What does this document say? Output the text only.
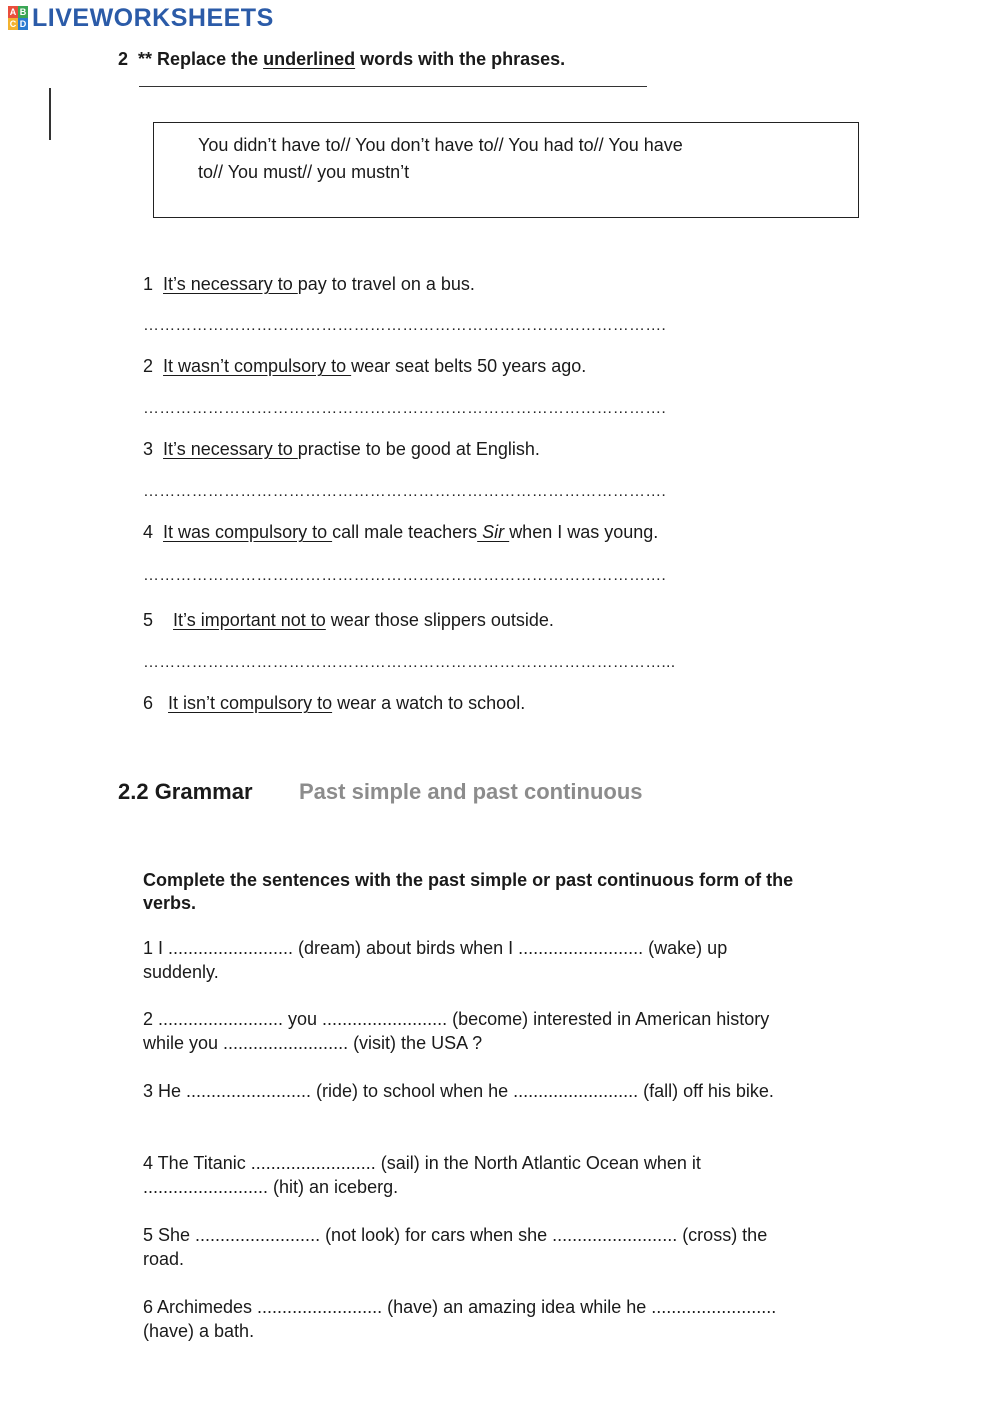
A B
C D LIVEWORKSHEETS
2 ** Replace the underlined words with the phrases.
You didn’t have to// You don’t have to// You had to// You have
to// You must// you mustn’t
1 It’s necessary to pay to travel on a bus.
…………………………………………………………………………………….
2 It wasn’t compulsory to wear seat belts 50 years ago.
…………………………………………………………………………………….
3 It’s necessary to practise to be good at English.
…………………………………………………………………………………….
4 It was compulsory to call male teachers Sir when I was young.
…………………………………………………………………………………….
5 It’s important not to wear those slippers outside.
……………………………………………………………………………………...
6 It isn’t compulsory to wear a watch to school.
2.2 Grammar Past simple and past continuous
Complete the sentences with the past simple or past continuous form of the verbs.
1 I ......................... (dream) about birds when I ......................... (wake) up suddenly.
2 ......................... you ......................... (become) interested in American history while you ......................... (visit) the USA ?
3 He ......................... (ride) to school when he ......................... (fall) off his bike.
4 The Titanic ......................... (sail) in the North Atlantic Ocean when it ......................... (hit) an iceberg.
5 She ......................... (not look) for cars when she ......................... (cross) the road.
6 Archimedes ......................... (have) an amazing idea while he ......................... (have) a bath.
